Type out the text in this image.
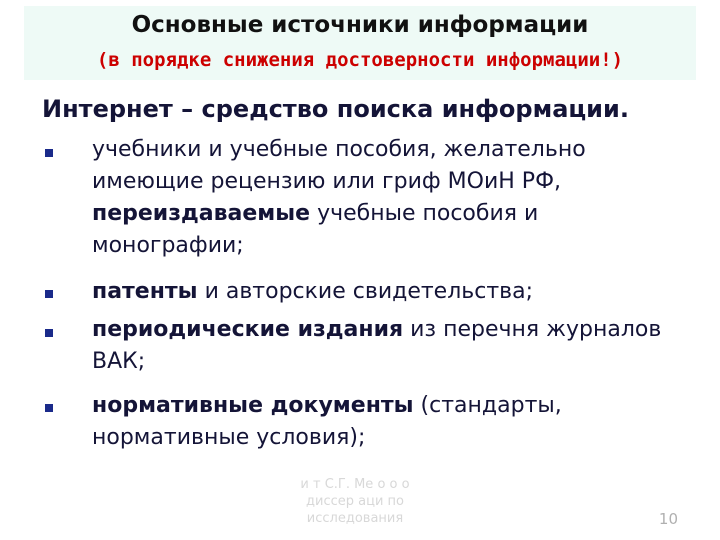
Основные источники информации
(в порядке снижения достоверности информации!)
Интернет – средство поиска информации.
учебники и учебные пособия, желательно имеющие рецензию или гриф МОиН РФ, переиздаваемые учебные пособия и монографии;
патенты и авторские свидетельства;
периодические издания из перечня журналов ВАК;
нормативные документы (стандарты, нормативные условия);
и т С.Г. Ме о о о
диссер аци по
исследования	10
